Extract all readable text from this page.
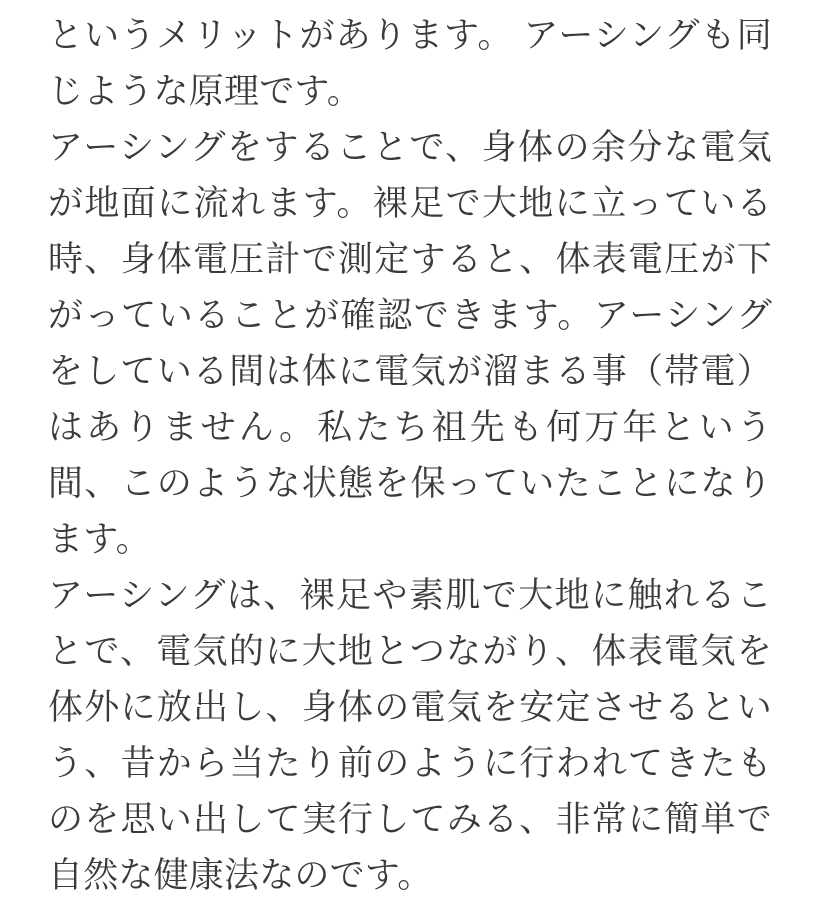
というメリットがあります。 アーシングも同じような原理です。

アーシングをすることで、身体の余分な電気が地面に流れます。裸足で大地に立っている時、身体電圧計で測定すると、体表電圧が下がっていることが確認できます。アーシングをしている間は体に電気が溜まる事（帯電）はありません。私たち祖先も何万年という間、このような状態を保っていたことになります。

アーシングは、裸足や素肌で大地に触れることで、電気的に大地とつながり、体表電気を体外に放出し、身体の電気を安定させるという、昔から当たり前のように行われてきたものを思い出して実行してみる、非常に簡単で自然な健康法なのです。
